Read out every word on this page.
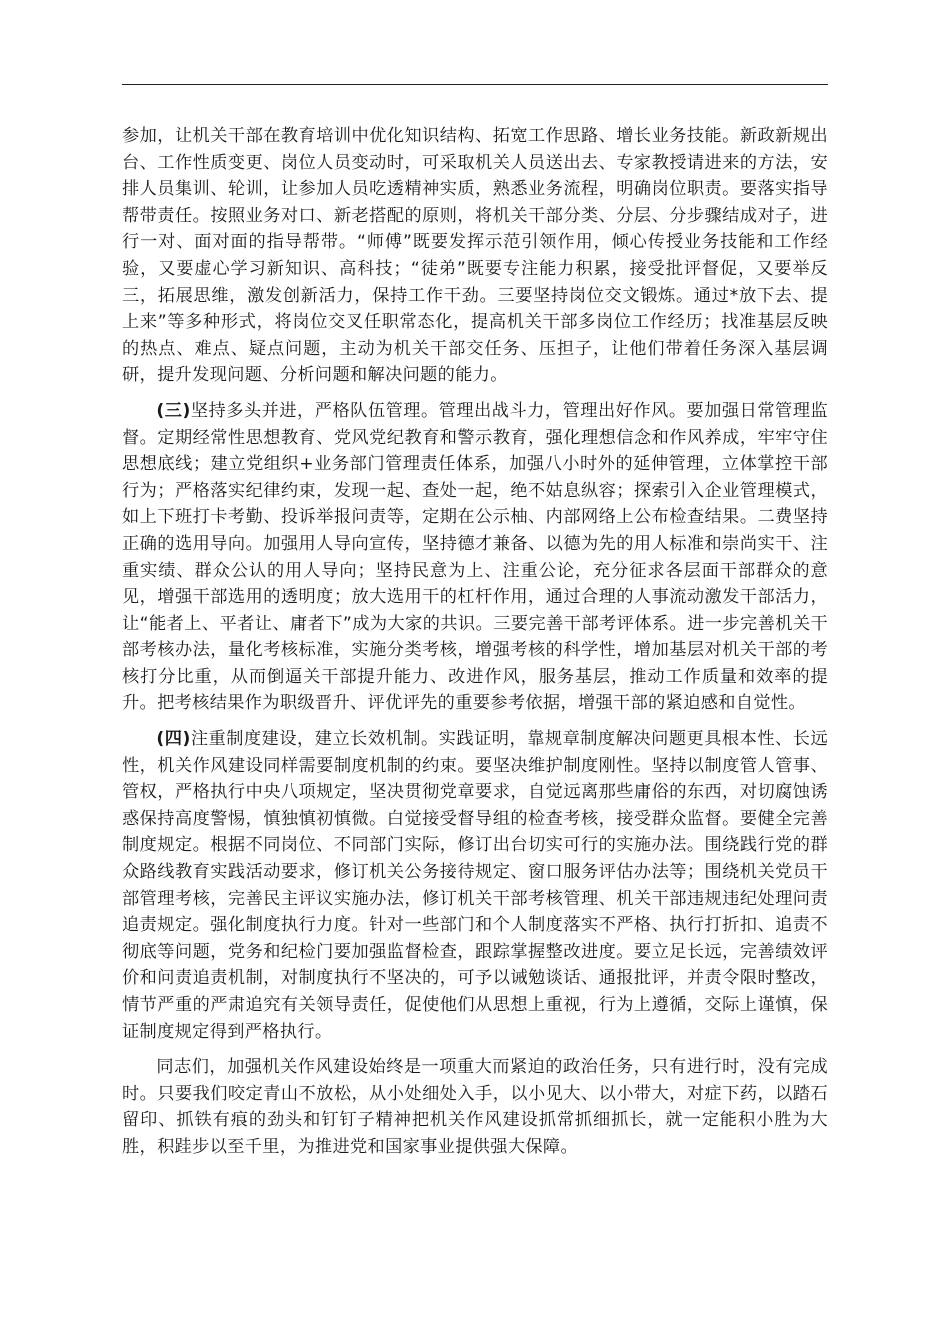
参加，让机关干部在教育培训中优化知识结构、拓宽工作思路、增长业务技能。新政新规出台、工作性质变更、岗位人员变动时，可采取机关人员送出去、专家教授请进来的方法，安排人员集训、轮训，让参加人员吃透精神实质，熟悉业务流程，明确岗位职责。要落实指导帮带责任。按照业务对口、新老搭配的原则，将机关干部分类、分层、分步骤结成对子，进行一对、面对面的指导帮带。“师傅”既要发挥示范引领作用，倾心传授业务技能和工作经验，又要虚心学习新知识、高科技；“徒弟”既要专注能力积累，接受批评督促，又要举反三，拓展思维，激发创新活力，保持工作干劲。三要坚持岗位交文锻炼。通过*放下去、提上来”等多种形式，将岗位交叉任职常态化，提高机关干部多岗位工作经历；找准基层反映的热点、难点、疑点问题，主动为机关干部交任务、压担子，让他们带着任务深入基层调研，提升发现问题、分析问题和解决问题的能力。

(三)坚持多头并进，严格队伍管理。管理出战斗力，管理出好作风。要加强日常管理监督。定期经常性思想教育、党风党纪教育和警示教育，强化理想信念和作风养成，牢牢守住思想底线；建立党组织+业务部门管理责任体系，加强八小时外的延伸管理，立体掌控干部行为；严格落实纪律约束，发现一起、查处一起，绝不姑息纵容；探索引入企业管理模式，如上下班打卡考勤、投诉举报问责等，定期在公示柚、内部网络上公布检查结果。二费坚持正确的选用导向。加强用人导向宣传，坚持德才兼备、以德为先的用人标准和崇尚实干、注重实绩、群众公认的用人导向；坚持民意为上、注重公论，充分征求各层面干部群众的意见，增强干部选用的透明度；放大选用干的杠杆作用，通过合理的人事流动激发干部活力，让“能者上、平者让、庸者下”成为大家的共识。三要完善干部考评体系。进一步完善机关干部考核办法，量化考核标准，实施分类考核，增强考核的科学性，增加基层对机关干部的考核打分比重，从而倒逼关干部提升能力、改进作风，服务基层，推动工作质量和效率的提升。把考核结果作为职级晋升、评优评先的重要参考依据，增强干部的紧迫感和自觉性。

(四)注重制度建设，建立长效机制。实践证明，靠规章制度解决问题更具根本性、长远性，机关作风建设同样需要制度机制的约束。要坚决维护制度刚性。坚持以制度管人管事、管权，严格执行中央八项规定，坚决贯彻党章要求，自觉远离那些庸俗的东西，对切腐蚀诱惑保持高度警惕，慎独慎初慎微。白觉接受督导组的检查考核，接受群众监督。要健全完善制度规定。根据不同岗位、不同部门实际，修订出台切实可行的实施办法。围绕践行党的群众路线教育实践活动要求，修订机关公务接待规定、窗口服务评估办法等；围绕机关党员干部管理考核，完善民主评议实施办法，修订机关干部考核管理、机关干部违规违纪处理问责追责规定。强化制度执行力度。针对一些部门和个人制度落实不严格、执行打折扣、追责不彻底等问题，党务和纪检门要加强监督检查，跟踪掌握整改进度。要立足长远，完善绩效评价和问责追责机制，对制度执行不坚决的，可予以诫勉谈话、通报批评，并责令限时整改，情节严重的严肃追究有关领导责任，促使他们从思想上重视，行为上遵循，交际上谨慎，保证制度规定得到严格执行。

同志们，加强机关作风建设始终是一项重大而紧迫的政治任务，只有进行时，没有完成时。只要我们咬定青山不放松，从小处细处入手，以小见大、以小带大，对症下药，以踏石留印、抓铁有痕的劲头和钉钉子精神把机关作风建设抓常抓细抓长，就一定能积小胜为大胜，积跬步以至千里，为推进党和国家事业提供强大保障。
